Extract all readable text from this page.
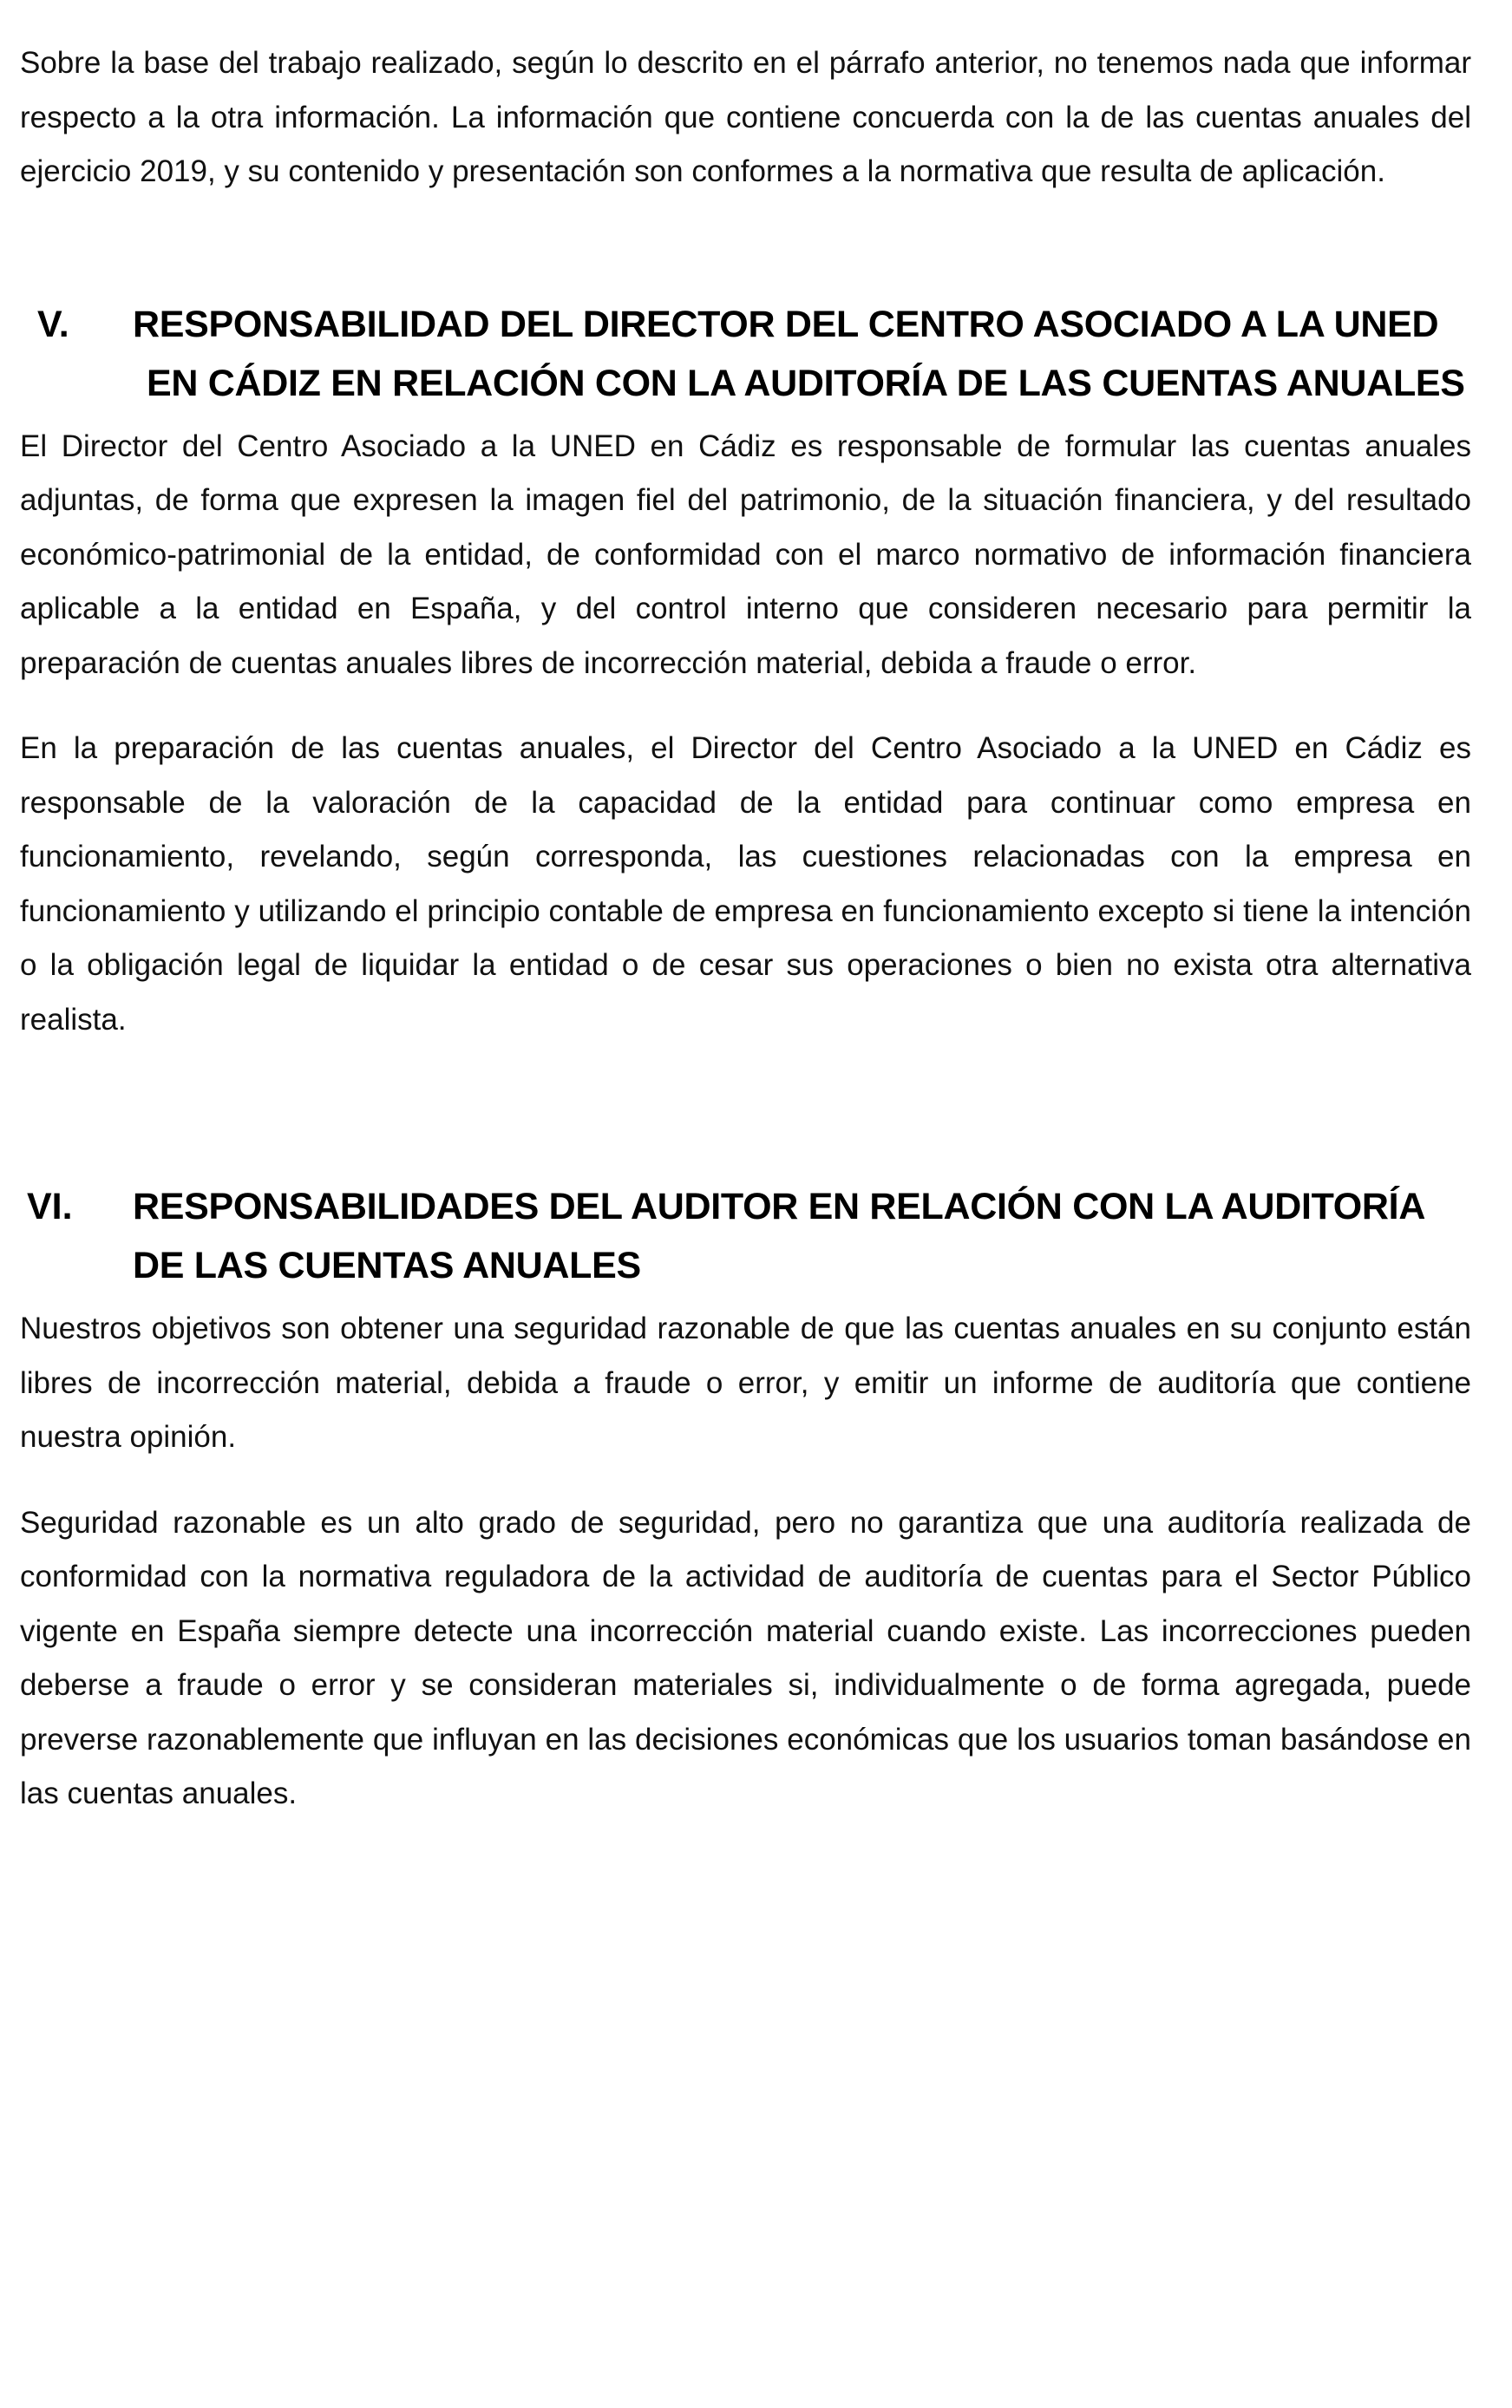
Sobre la base del trabajo realizado, según lo descrito en el párrafo anterior, no tenemos nada que informar respecto a la otra información. La información que contiene concuerda con la de las cuentas anuales del ejercicio 2019, y su contenido y presentación son conformes a la normativa que resulta de aplicación.

V.	RESPONSABILIDAD DEL DIRECTOR DEL CENTRO ASOCIADO A LA UNED
EN CÁDIZ EN RELACIÓN CON LA AUDITORÍA DE LAS CUENTAS ANUALES

El Director del Centro Asociado a la UNED en Cádiz es responsable de formular las cuentas anuales adjuntas, de forma que expresen la imagen fiel del patrimonio, de la situación financiera, y del resultado económico-patrimonial de la entidad, de conformidad con el marco normativo de información financiera aplicable a la entidad en España, y del control interno que consideren necesario para permitir la preparación de cuentas anuales libres de incorrección material, debida a fraude o error.

En la preparación de las cuentas anuales, el Director del Centro Asociado a la UNED en Cádiz es responsable de la valoración de la capacidad de la entidad para continuar como empresa en funcionamiento, revelando, según corresponda, las cuestiones relacionadas con la empresa en funcionamiento y utilizando el principio contable de empresa en funcionamiento excepto si tiene la intención o la obligación legal de liquidar la entidad o de cesar sus operaciones o bien no exista otra alternativa realista.

VI.	RESPONSABILIDADES DEL AUDITOR EN RELACIÓN CON LA AUDITORÍA
DE LAS CUENTAS ANUALES

Nuestros objetivos son obtener una seguridad razonable de que las cuentas anuales en su conjunto están libres de incorrección material, debida a fraude o error, y emitir un informe de auditoría que contiene nuestra opinión.

Seguridad razonable es un alto grado de seguridad, pero no garantiza que una auditoría realizada de conformidad con la normativa reguladora de la actividad de auditoría de cuentas para el Sector Público vigente en España siempre detecte una incorrección material cuando existe. Las incorrecciones pueden deberse a fraude o error y se consideran materiales si, individualmente o de forma agregada, puede preverse razonablemente que influyan en las decisiones económicas que los usuarios toman basándose en las cuentas anuales.
